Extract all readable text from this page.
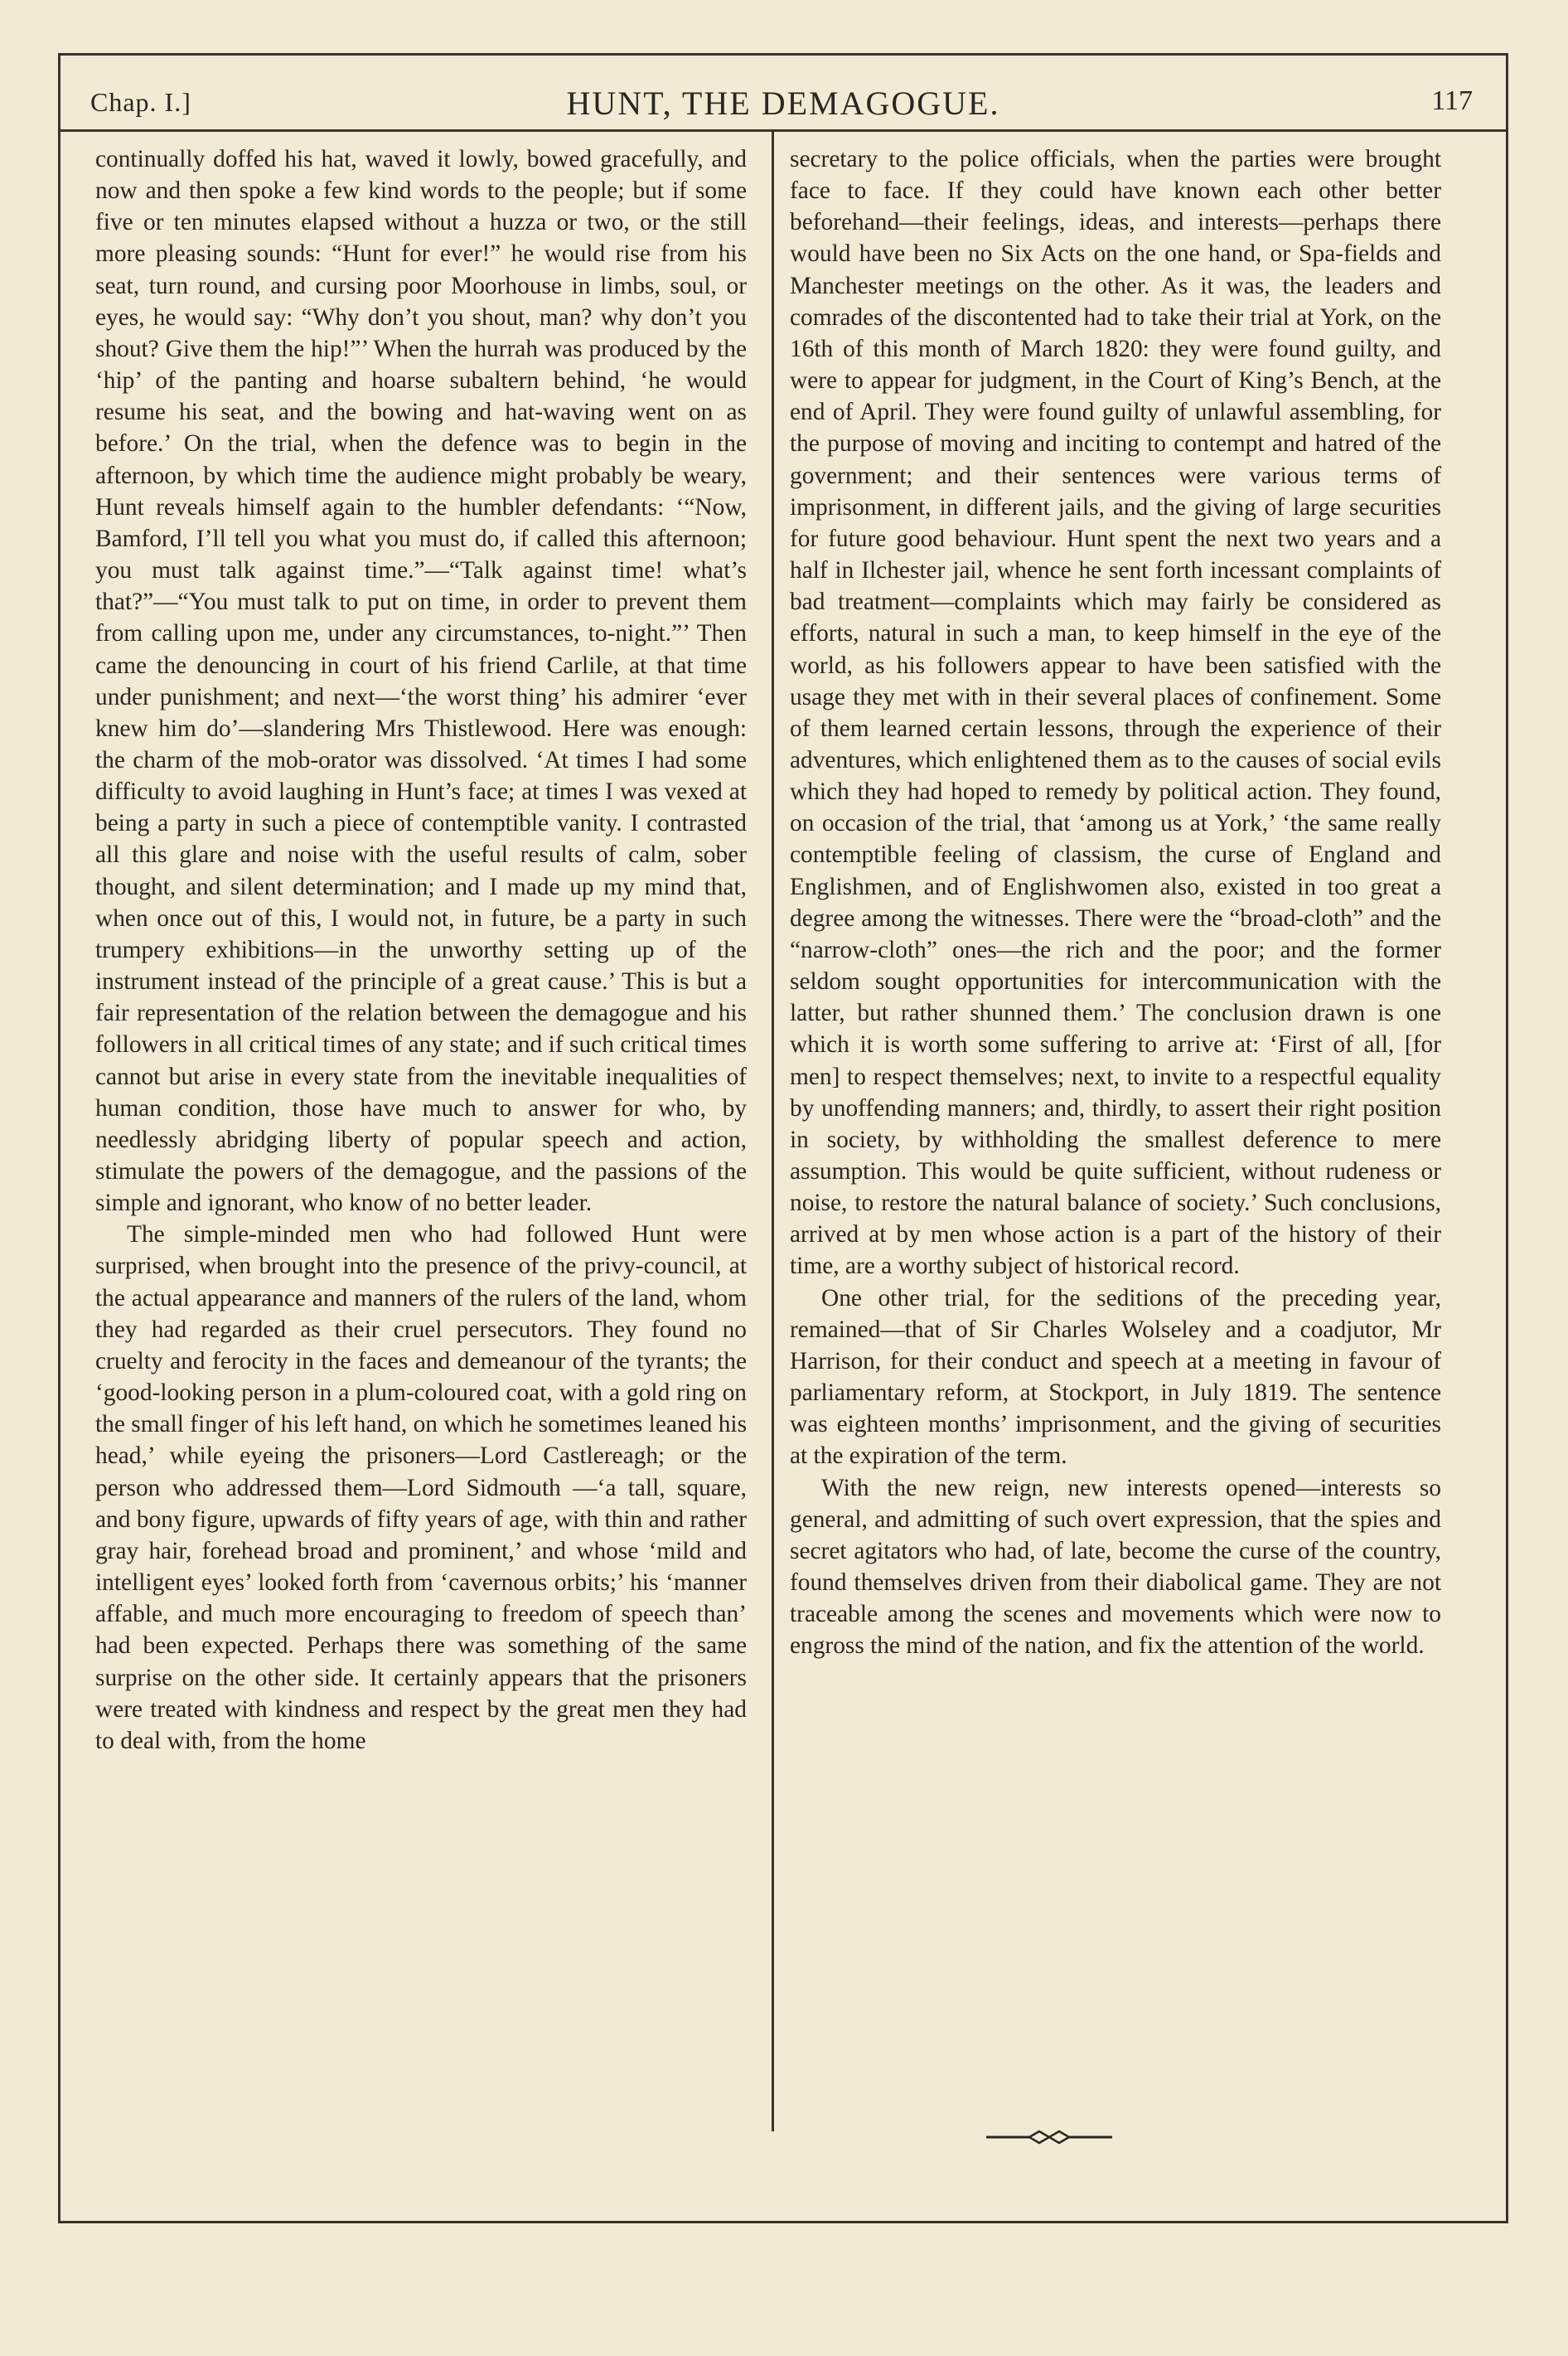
Chap. I.]	HUNT, THE DEMAGOGUE.	117

continually doffed his hat, waved it lowly, bowed gracefully, and now and then spoke a few kind words to the people; but if some five or ten minutes elapsed without a huzza or two, or the still more pleasing sounds: “Hunt for ever!” he would rise from his seat, turn round, and cursing poor Moorhouse in limbs, soul, or eyes, he would say: “Why don’t you shout, man? why don’t you shout? Give them the hip!”’ When the hurrah was produced by the ‘hip’ of the panting and hoarse subaltern behind, ‘he would resume his seat, and the bowing and hat-waving went on as before.’ On the trial, when the defence was to begin in the afternoon, by which time the audience might probably be weary, Hunt reveals himself again to the humbler defendants: ‘“Now, Bamford, I’ll tell you what you must do, if called this afternoon; you must talk against time.”—“Talk against time! what’s that?”—“You must talk to put on time, in order to prevent them from calling upon me, under any circumstances, to-night.”’ Then came the denouncing in court of his friend Carlile, at that time under punishment; and next—‘the worst thing’ his admirer ‘ever knew him do’—slandering Mrs Thistlewood. Here was enough: the charm of the mob-orator was dissolved. ‘At times I had some difficulty to avoid laughing in Hunt’s face; at times I was vexed at being a party in such a piece of contemptible vanity. I contrasted all this glare and noise with the useful results of calm, sober thought, and silent determination; and I made up my mind that, when once out of this, I would not, in future, be a party in such trumpery exhibitions—in the unworthy setting up of the instrument instead of the principle of a great cause.’ This is but a fair representation of the relation between the demagogue and his followers in all critical times of any state; and if such critical times cannot but arise in every state from the inevitable inequalities of human condition, those have much to answer for who, by needlessly abridging liberty of popular speech and action, stimulate the powers of the demagogue, and the passions of the simple and ignorant, who know of no better leader.

The simple-minded men who had followed Hunt were surprised, when brought into the presence of the privy-council, at the actual appearance and manners of the rulers of the land, whom they had regarded as their cruel persecutors. They found no cruelty and ferocity in the faces and demeanour of the tyrants; the ‘good-looking person in a plum-coloured coat, with a gold ring on the small finger of his left hand, on which he sometimes leaned his head,’ while eyeing the prisoners—Lord Castlereagh; or the person who addressed them—Lord Sidmouth —‘a tall, square, and bony figure, upwards of fifty years of age, with thin and rather gray hair, forehead broad and prominent,’ and whose ‘mild and intelligent eyes’ looked forth from ‘cavernous orbits;’ his ‘manner affable, and much more encouraging to freedom of speech than’ had been expected. Perhaps there was something of the same surprise on the other side. It certainly appears that the prisoners were treated with kindness and respect by the great men they had to deal with, from the home

secretary to the police officials, when the parties were brought face to face. If they could have known each other better beforehand—their feelings, ideas, and interests—perhaps there would have been no Six Acts on the one hand, or Spa-fields and Manchester meetings on the other. As it was, the leaders and comrades of the discontented had to take their trial at York, on the 16th of this month of March 1820: they were found guilty, and were to appear for judgment, in the Court of King’s Bench, at the end of April. They were found guilty of unlawful assembling, for the purpose of moving and inciting to contempt and hatred of the government; and their sentences were various terms of imprisonment, in different jails, and the giving of large securities for future good behaviour. Hunt spent the next two years and a half in Ilchester jail, whence he sent forth incessant complaints of bad treatment—complaints which may fairly be considered as efforts, natural in such a man, to keep himself in the eye of the world, as his followers appear to have been satisfied with the usage they met with in their several places of confinement. Some of them learned certain lessons, through the experience of their adventures, which enlightened them as to the causes of social evils which they had hoped to remedy by political action. They found, on occasion of the trial, that ‘among us at York,’ ‘the same really contemptible feeling of classism, the curse of England and Englishmen, and of Englishwomen also, existed in too great a degree among the witnesses. There were the “broad-cloth” and the “narrow-cloth” ones—the rich and the poor; and the former seldom sought opportunities for intercommunication with the latter, but rather shunned them.’ The conclusion drawn is one which it is worth some suffering to arrive at: ‘First of all, [for men] to respect themselves; next, to invite to a respectful equality by unoffending manners; and, thirdly, to assert their right position in society, by withholding the smallest deference to mere assumption. This would be quite sufficient, without rudeness or noise, to restore the natural balance of society.’ Such conclusions, arrived at by men whose action is a part of the history of their time, are a worthy subject of historical record.

One other trial, for the seditions of the preceding year, remained—that of Sir Charles Wolseley and a coadjutor, Mr Harrison, for their conduct and speech at a meeting in favour of parliamentary reform, at Stockport, in July 1819. The sentence was eighteen months’ imprisonment, and the giving of securities at the expiration of the term.

With the new reign, new interests opened—interests so general, and admitting of such overt expression, that the spies and secret agitators who had, of late, become the curse of the country, found themselves driven from their diabolical game. They are not traceable among the scenes and movements which were now to engross the mind of the nation, and fix the attention of the world.
